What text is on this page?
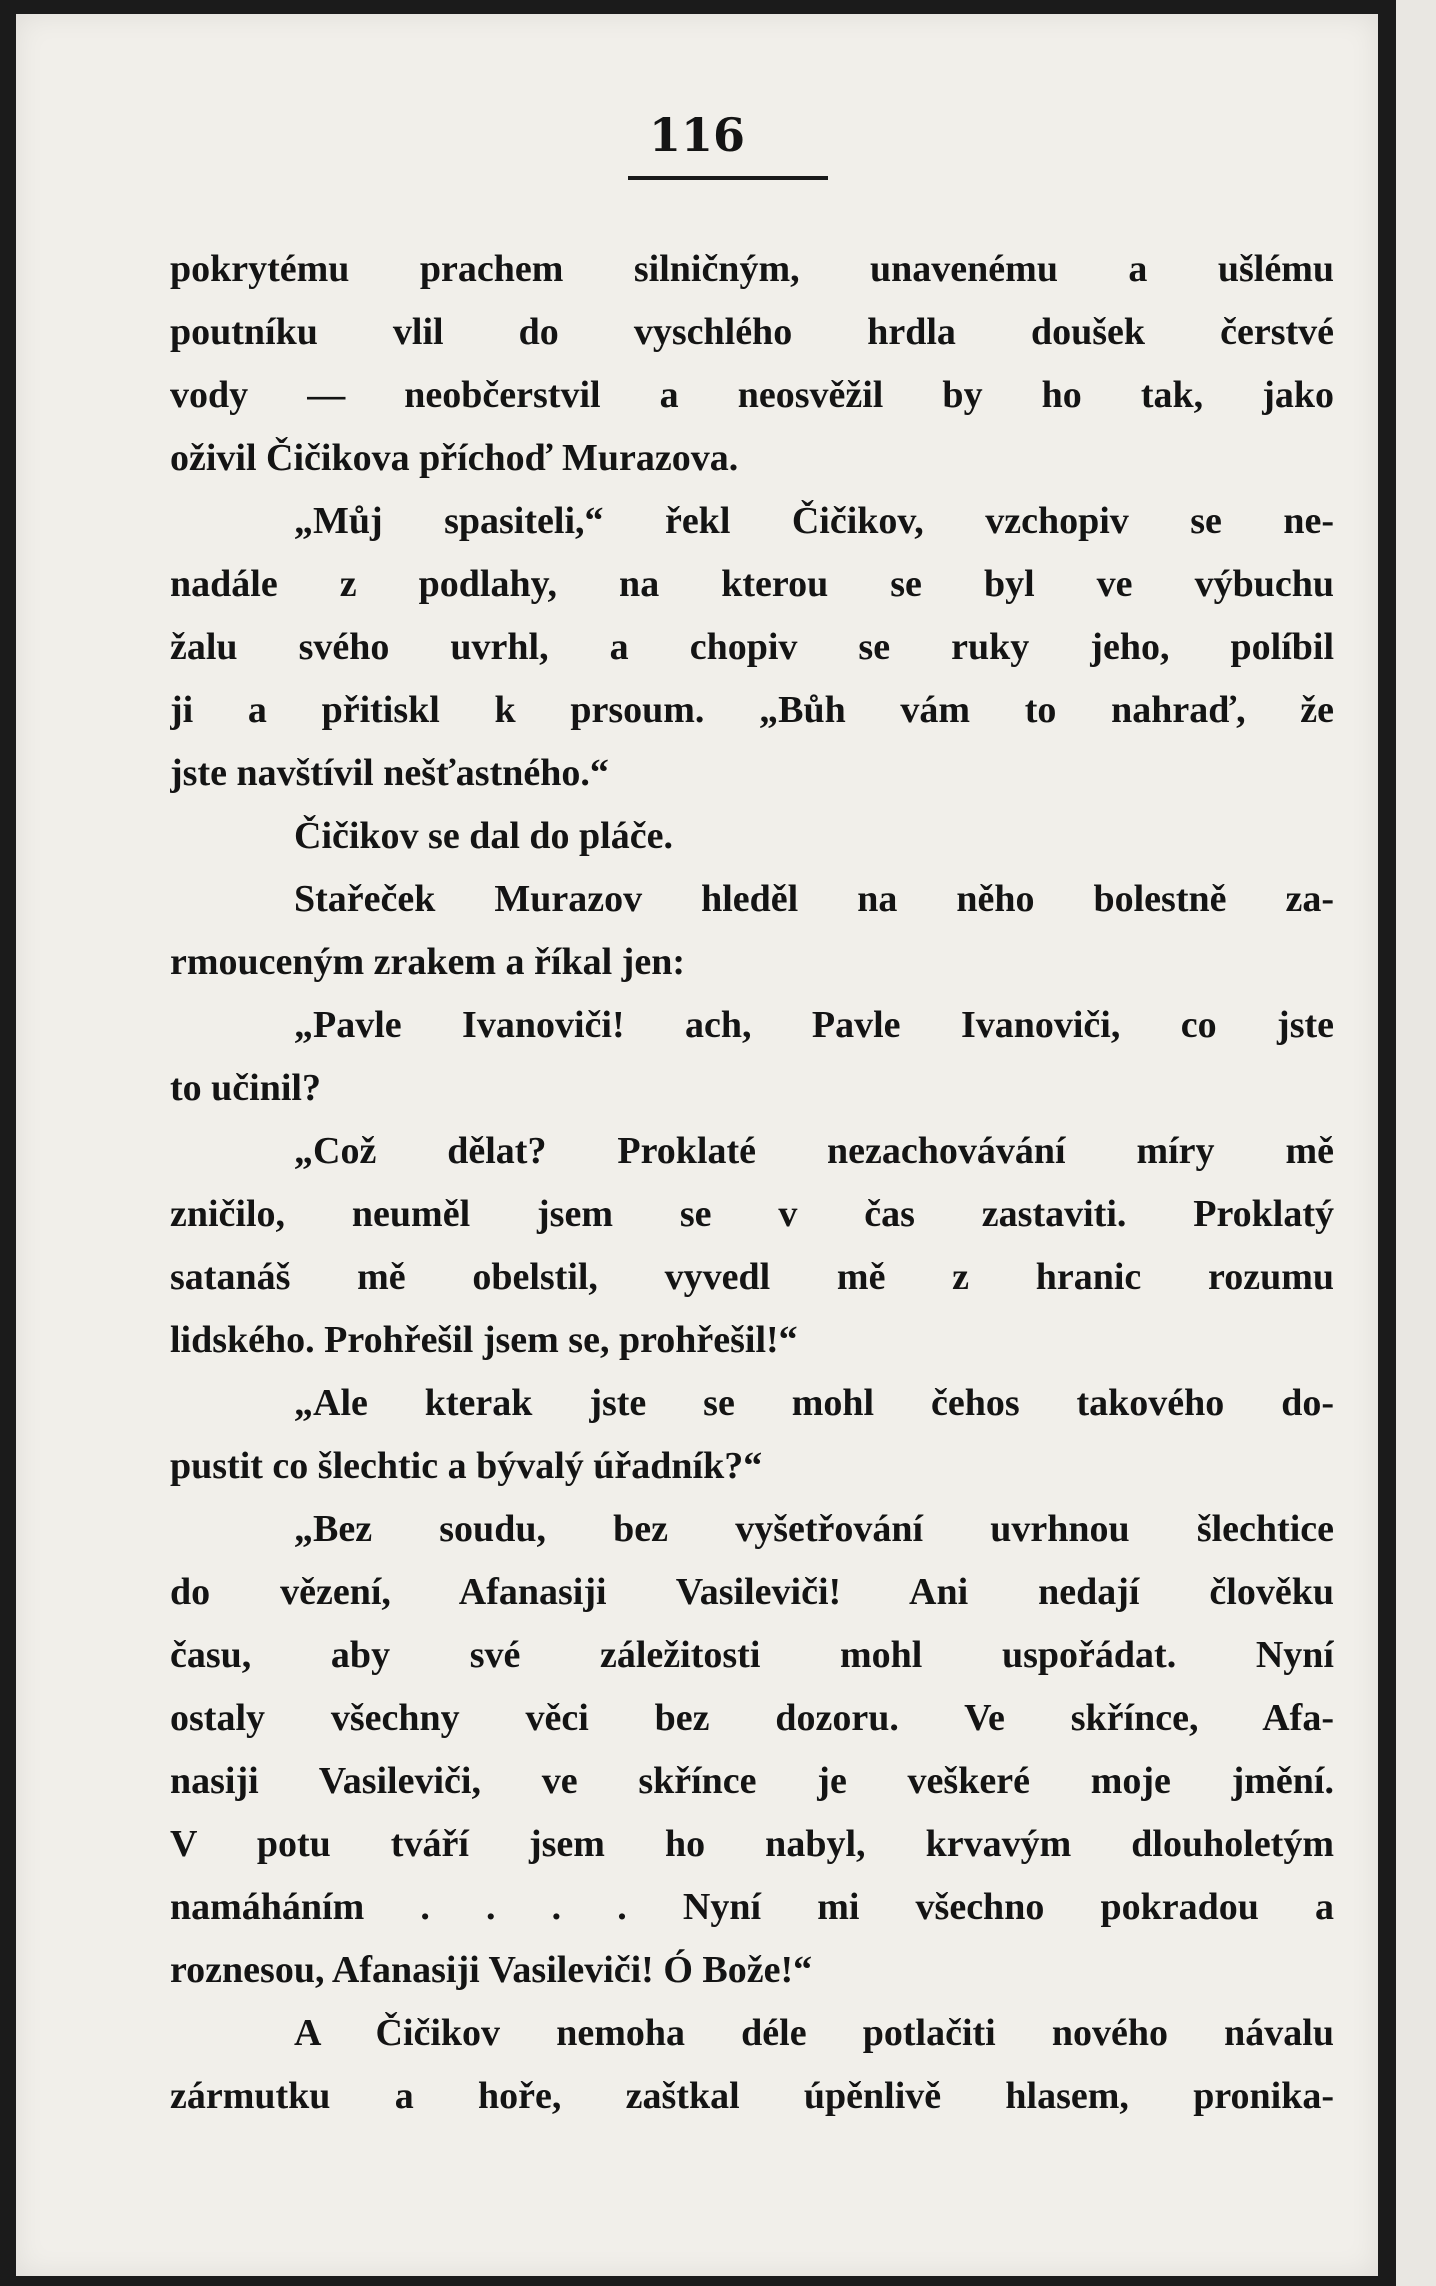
116
pokrytému prachem silničným, unavenému a ušlému
poutníku vlil do vyschlého hrdla doušek čerstvé
vody — neobčerstvil a neosvěžil by ho tak, jako
oživil Čičikova příchoď Murazova.
„Můj spasiteli,“ řekl Čičikov, vzchopiv se ne-
nadále z podlahy, na kterou se byl ve výbuchu
žalu svého uvrhl, a chopiv se ruky jeho, políbil
ji a přitiskl k prsoum. „Bůh vám to nahraď, že
jste navštívil nešťastného.“
Čičikov se dal do pláče.
Stařeček Murazov hleděl na něho bolestně za-
rmouceným zrakem a říkal jen:
„Pavle Ivanoviči! ach, Pavle Ivanoviči, co jste
to učinil?
„Což dělat? Proklaté nezachovávání míry mě
zničilo, neuměl jsem se v čas zastaviti. Proklatý
satanáš mě obelstil, vyvedl mě z hranic rozumu
lidského. Prohřešil jsem se, prohřešil!“
„Ale kterak jste se mohl čehos takového do-
pustit co šlechtic a bývalý úřadník?“
„Bez soudu, bez vyšetřování uvrhnou šlechtice
do vězení, Afanasiji Vasileviči! Ani nedají člověku
času, aby své záležitosti mohl uspořádat. Nyní
ostaly všechny věci bez dozoru. Ve skřínce, Afa-
nasiji Vasileviči, ve skřínce je veškeré moje jmění.
V potu tváří jsem ho nabyl, krvavým dlouholetým
namáháním . . . . Nyní mi všechno pokradou a
roznesou, Afanasiji Vasileviči! Ó Bože!“
A Čičikov nemoha déle potlačiti nového návalu
zármutku a hoře, zaštkal úpěnlivě hlasem, pronika-
